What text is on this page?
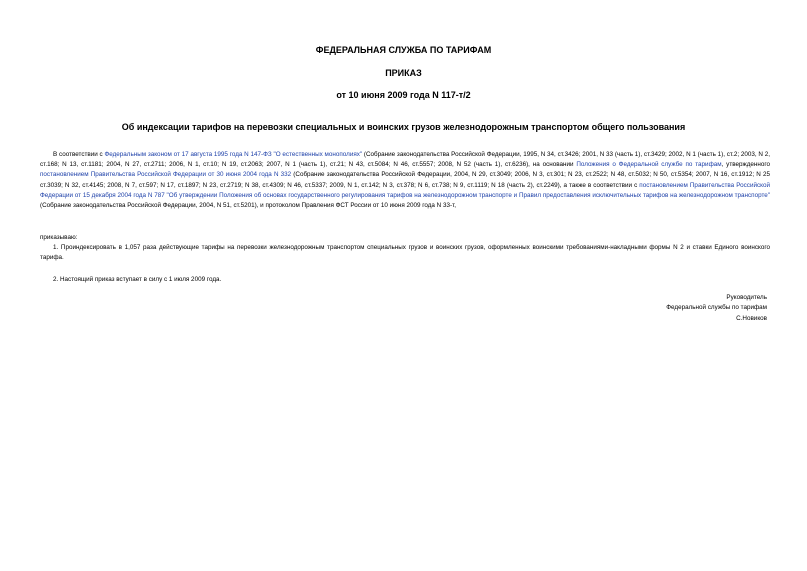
ФЕДЕРАЛЬНАЯ СЛУЖБА ПО ТАРИФАМ
ПРИКАЗ
от 10 июня 2009 года N 117-т/2
Об индексации тарифов на перевозки специальных и воинских грузов железнодорожным транспортом общего пользования

В соответствии с Федеральным законом от 17 августа 1995 года N 147-ФЗ "О естественных монополиях" (Собрание законодательства Российской Федерации, 1995, N 34, ст.3426; 2001, N 33 (часть 1), ст.3429; 2002, N 1 (часть 1), ст.2; 2003, N 2, ст.168; N 13, ст.1181; 2004, N 27, ст.2711; 2006, N 1, ст.10; N 19, ст.2063; 2007, N 1 (часть 1), ст.21; N 43, ст.5084; N 46, ст.5557; 2008, N 52 (часть 1), ст.6236), на основании Положения о Федеральной службе по тарифам, утвержденного постановлением Правительства Российской Федерации от 30 июня 2004 года N 332 (Собрание законодательства Российской Федерации, 2004, N 29, ст.3049; 2006, N 3, ст.301; N 23, ст.2522; N 48, ст.5032; N 50, ст.5354; 2007, N 16, ст.1912; N 25 ст.3039; N 32, ст.4145; 2008, N 7, ст.597; N 17, ст.1897; N 23, ст.2719; N 38, ст.4309; N 46, ст.5337; 2009, N 1, ст.142; N 3, ст.378; N 6, ст.738; N 9, ст.1119; N 18 (часть 2), ст.2249), а также в соответствии с постановлением Правительства Российской Федерации от 15 декабря 2004 года N 787 "Об утверждении Положения об основах государственного регулирования тарифов на железнодорожном транспорте и Правил предоставления исключительных тарифов на железнодорожном транспорте" (Собрание законодательства Российской Федерации, 2004, N 51, ст.5201), и протоколом Правления ФСТ России от 10 июня 2009 года N 33-т,

приказываю:

1. Проиндексировать в 1,057 раза действующие тарифы на перевозки железнодорожным транспортом специальных грузов и воинских грузов, оформленных воинскими требованиями-накладными формы N 2 и ставки Единого воинского тарифа.

2. Настоящий приказ вступает в силу с 1 июля 2009 года.

Руководитель
Федеральной службы по тарифам
С.Новиков
